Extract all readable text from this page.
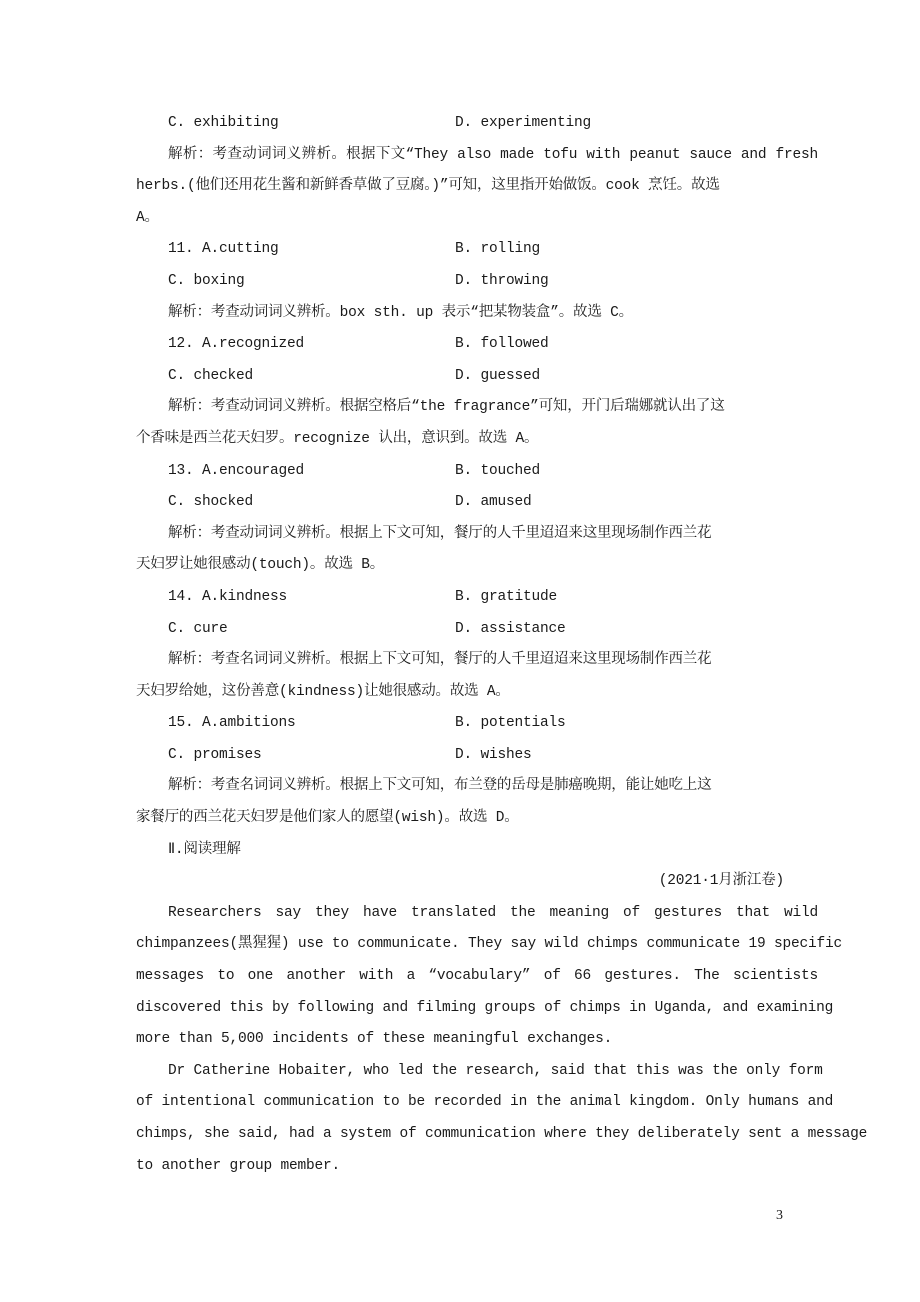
C. exhibiting	D. experimenting
解析：考查动词词义辨析。根据下文“They also made tofu with peanut sauce and fresh
herbs.(他们还用花生酱和新鲜香草做了豆腐。)”可知，这里指开始做饭。cook 烹饪。故选
A。
11. A.cutting	B. rolling
C. boxing	D. throwing
解析：考查动词词义辨析。box sth. up 表示“把某物装盒”。故选 C。
12. A.recognized	B. followed
C. checked	D. guessed
解析：考查动词词义辨析。根据空格后“the fragrance”可知，开门后瑞娜就认出了这
个香味是西兰花天妇罗。recognize 认出，意识到。故选 A。
13. A.encouraged	B. touched
C. shocked	D. amused
解析：考查动词词义辨析。根据上下文可知，餐厅的人千里迢迢来这里现场制作西兰花
天妇罗让她很感动(touch)。故选 B。
14. A.kindness	B. gratitude
C. cure	D. assistance
解析：考查名词词义辨析。根据上下文可知，餐厅的人千里迢迢来这里现场制作西兰花
天妇罗给她，这份善意(kindness)让她很感动。故选 A。
15. A.ambitions	B. potentials
C. promises	D. wishes
解析：考查名词词义辨析。根据上下文可知，布兰登的岳母是肺癌晚期，能让她吃上这
家餐厅的西兰花天妇罗是他们家人的愿望(wish)。故选 D。
Ⅱ.阅读理解
(2021·1月浙江卷)
Researchers say they have translated the meaning of gestures that wild
chimpanzees(黑猩猩) use to communicate. They say wild chimps communicate 19 specific
messages to one another with a “vocabulary” of 66 gestures. The scientists
discovered this by following and filming groups of chimps in Uganda, and examining
more than 5,000 incidents of these meaningful exchanges.
Dr Catherine Hobaiter, who led the research, said that this was the only form
of intentional communication to be recorded in the animal kingdom. Only humans and
chimps, she said, had a system of communication where they deliberately sent a message
to another group member.
3
